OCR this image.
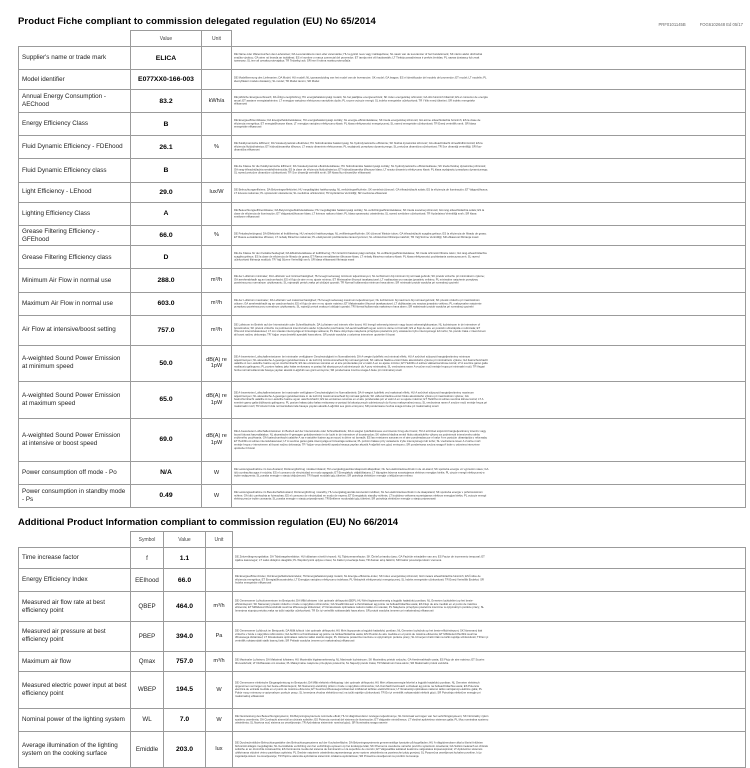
Product Fiche compliant to commission delegated regulation (EU) No 65/2014	PRF0101145B	FOG6102648 Ed 05/17
	Value	Unit	
Supplier's name or trade mark	ELICA		DE Name oder Warenzeichen des Lieferanten; DA Leverandørens navn eller varemærke; HU a gyártó neve vagy márkajelzése; NL naam van de leverancier of het handelsmerk; SK názov alebo obchodná značka výrobcu; GA ainm nó branda an tsoláthraí; ES el nombre o marca comercial del proveedor; ET tarnija nimi või kaubamärk; LT Tiekėjo pavadinimas ir prekės ženklas; PL nazwa dostawcy lub znak towarowy; SL ime ali oznaka proizvajalca; TR Tedarikçi adı; SR ime ili robna marka proizvođača

Model identifier	E077XX0-166-003		DE Modellkennung des Lieferanten; DA Model; HU modell; NL typeaanduiding van het model van de leverancier; SK model; GA leagan; ES el identificador del modelo del proveedor; ET mudel; LT modelis; PL identyfikator modelu dostawcy; SL model; TR Model tanımı; SR Model

Annual Energy Consumption - AEChood	83.2	kWh/a	DE jährliche Energieverbrauch; DA Årligt energiforbrug; HU energiahatékonysági mutató; NL het jaarlijkse energieverbruik; SK index energetickej účinnosti; GA ídiú fuinnimh bliantúil; ES el consumo de energía anual; ET aastane energiatarbimine; LT energijos vartojimo efektyvumo santykinis dydis; PL roczne zużycie energii; SL indeks energetske učinkovitosti; TR Yıllık enerji tüketimi; SR indeks energetske efikasnosti

Energy Efficiency Class	B		DE Energieeffizienzklasse; DA Energieffektivitetsklasse; HU energiahatékonysági osztály; NL energie-efficiëntieklasse; SK trieda energetickej účinnosti; GA aicme éifeachtúlachta fuinnimh; ES la clase de eficiencia energética; ET energiatõhususe klass; LT energijos vartojimo efektyvumo klasė; PL klasa efektywności energetycznej; SL razred energetske učinkovitosti; TR Enerji verimlilik sınıfı; SR klasa energetske efikasnosti

Fluid Dynamic Efficiency - FDEhood	26.1	%	DE fluiddynamische Effizienz; DA Væskedynamisk effektivitet; HU hidrodinamika hatékonyság; NL hydrodynamische efficiëntie; SK fluidná dynamická účinnosť; GA éifeachtúlacht shreabhdhinimiciúil; ES la eficiencia fluidodinámica; ET hüdrodünaamika tõhusus; LT srauto dinaminis efektyvumas; PL wydajność przepływu dynamicznego; SL pretočna dinamična učinkovitost; TR Sıvı dinamiği verimliliği; SR fluo-dinamička efikasnost

Fluid Dynamic Efficiency class	B		DE die Klasse für die fluiddynamische Effizienz; DA Væskedynamisk effektivitetsklasse; HU hidrodinamika hatékonysági osztály; NL hydrodynamische efficiëntieklasse; SK trieda fluidnej dynamickej účinnosti; GA rang-éifeachtúlachta sreabhdhinimiciúla; ES la clase de eficiencia fluidodinámica; ET hüdrodünaamika tõhususe klass; LT srauto dinaminio efektyvumo klasė; PL klasa wydajności przepływu dynamicznego; SL razred pretočne dinamične učinkovitosti; TR Sıvı dinamiği verimlilik sınıfı; SR klasa fluo-dinamičke efikasnosti

Light Efficiency - LEhood	29.0	lux/W	DE Beleuchtungseffizienz; DA Belysningseffektivitet; HU megvilágítási hatékonyság; NL verlichtingsefficiëntie; SK svetelná účinnosť; GA éifeachtúlacht solais; ES la eficiencia de iluminación; ET Valgustõhusus; LT šviesos našumas; PL sprawność oświetlenia; SL svetlobna učinkovitost; TR Aydınlatma Verimliliği; SR svetlosna efikasnost

Lighting Efficiency Class	A		DE Beleuchtungseffizienzklasse; DA Belysningseffektivitetsklasse; HU megvilágítási hatékonysági osztály; NL verlichtingsefficiëntieklasse; SK trieda svetelnej účinnosti; GA rang éifeachtúlachta solais; ES la clase de eficiencia de iluminación; ET Valgustustõhususe klass; LT šviesos našumo klasė; PL klasa sprawności oświetlenia; SL razred svetlobne učinkovitosti; TR Aydınlatma Verimliliği sınıfı; SR klasa svetlosne efikasnosti

Grease Filtering Efficiency - GFEhood	66.0	%	DE Fettabscheidegrad; DA Effektivitet af fedtfiltrering; HU zsírszűrő hatékonysága; NL vetfilteringsefficiëntie; SK účinnosť filtrácie tukov; GA éifeachtúlacht scagtha gréisce; ES la eficiencia de filtrado de grasa; ET Rasva eemaldamise tõhusus; LT riebalų filtravimo našumas; PL efektywność pochłaniania zanieczyszczeń; SL učinkovitost filtriranja maščob; TR Yağ Süzme Verimliliği; SR efikasnost filtriranja masti

Grease Filtering Efficiency class	D		DE die Klasse für den Fettabscheidegrad; DA Effektivitetsklasse af fedtfiltrering; HU zsírszűrő hatékonysági osztálya; NL vetfilteringsefficiëntieklasse; SK trieda účinnosti filtrácie tukov; GA rang-éifeachtúlachta scagtha gréisce; ES la clase de eficiencia de filtrado de grasa; ET Rasva eemaldamise tõhususe klass; LT riebalų filtravimo našumo klasė; PL klasa efektywności pochłaniania zanieczyszczeń; SL razred učinkovitosti filtriranja maščob; TR Yağ Süzme Verimliliği sınıfı; SR klasa efikasnosti filtriranja masti

Minimum Air Flow in normal use	288.0	m³/h	DE der Luftstrom minimaler; DA Luftstrøm ved minimal hastighed; HU levegő sebesség minimum teljesítményen; NL luchtstroom bij minimum bij normaal gebruik; SK prietok vzduchu pri minimálnom výkone; GA aershreabhadh ag an íoschumhacht; ES el flujo de aire en su ajuste mínimo; ET Minimaalne õhuvool tavakasutusel; LT mažiausias oro srautas įprastiniu veikimu; PL minimalne natężenie przepływu powietrza przy normalnym użytkowaniu; SL najmanjši pretok zraka pri običajni uporabi; TR Normal kullanımda minimum hava akımı; SR minimalni protok vazduha pri normalnoj upotrebi

Maximum Air Flow in normal use	603.0	m³/h	DE der Luftstrom maximaler; DA Luftstrøm ved maksimal hastighed; HU levegő sebesség maximum teljesítményen; NL luchtstroom bij maximum bij normaal gebruik; SK prietok vzduchu pri maximálnom výkone; GA aershreabhadh ag an uaschumhacht; ES el flujo de aire en su ajuste máximo; ET Maksimaalne õhuvool tavakasutusel; LT didžiausias oro srautas įprastiniu veikimu; PL maksymalne natężenie przepływu powietrza przy normalnym użytkowaniu; SL največji pretok zraka pri običajni uporabi; TR Normal kullanımda maksimum hava akımı; SR maksimalni protok vazduha pri normalnoj upotrebi

Air Flow at intensive/boost setting	757.0	m³/h	DE Luftstrom im Betrieb auf der Intensivstufe oder Schnelllaufstufe; DA Luftstrøm ved intensiv eller boost; HU levegő sebesség intenzív vagy boost sebességfokozaton; NL luchtstroom in de intensieve of boostmodus; SK prietok vzduchu za podmienok intenzívneho alebo zvýšeného používania; GA aershreabhadh ag an socrú is déine nó borradh; ES el flujo de aire en posición ultrarrápida o reforzada; ET Õhuvool intensiivkasutusel; LT oro srautas intensyviąja ar forsuotąja veiksena; PL Dane dotyczące natężenia przepływu powietrza przy ustawieniu trybu intensywnego lub turbo; SL pretok zraka v intenzivnem ali boost načinu delovanja; TR Yoğun veya destekli ayardaki hava akımı; SR protok vazduha u uslovima intenzivne upotrebe ili boost

A-weighted Sound Power Emission at minimum speed	50.0	dB(A) re 1pW	DE A-bewerteten Luftschallemissionen bei minimaler verfügbarer Geschwindigkeit im Normalbetrieb; DA A-vægtet lydeffekt ved minimal effekt; HU A szűrővel súlyozott hangteljesítmény minimum teljesítményen; NL akoestische A-gewogen geluidsemissie in de lucht bij minimumsnelheid bij normaal gebruik; SK vážená hladina emisií hluku akustického výkonu pri minimálnom výkone; GA fuaimchumhacht ualaithe A na n-astuithe fuaime ag an íoschumhacht; ES las emisiones sonoras en el aire ponderadas por el valor A en su ajuste mínimo; ET Helirõhu A suhtes väikseima kiiruse korral; LT A svertinė garso galia mažiausiu galingumu; PL poziom hałasu jako hałas emitowany w postaci fal akustycznych odniesionych do A przy minimalnej; SL vrednotena raven A zvočne moči emisije hrupa pri minimalni moči; TR Asgari hızda normal kullanımda havaya yayılan akustik A-ağırlıklı ses gücü emisyonu; SR ponderisana zvučna snaga A buke pri minimalnoj snazi

A-weighted Sound Power Emission at maximum speed	65.0	dB(A) re 1pW	DE A-bewerteten Luftschallemissionen bei maximaler verfügbarer Geschwindigkeit im Normalbetrieb; DA A-vægtet lydeffekt ved maksimal effekt; HU A szűrővel súlyozott hangteljesítmény maximum teljesítményen; NL akoestische A-gewogen geluidsemissie in de lucht bij maximumsnelheid bij normaal gebruik; SK vážená hladina emisií hluku akustického výkonu pri maximálnom výkone; GA fuaimchumhacht ualaithe A na n-astuithe fuaime ag an uaschumhacht; ES las emisiones sonoras en el aire ponderadas por el valor A en su ajuste máximo; ET Helirõivo A suhtes suurima kiiruse korral; LT A svertinė garso galia didžiausiu galingumu; PL poziom hałasu jako hałas emitowany w postaci fal akustycznych odniesionych do A przy maksymalnej mocy; SL vrednotena raven A zvočne moči emisije hrupa pri maksimalni moči; TR Azami hızda normal kullanımda havaya yayılan akustik A-ağırlıklı ses gücü emisyonu; SR ponderisana zvučna snaga A buke pri maksimalnoj snazi

A-weighted Sound Power Emission at intensive or boost speed	69.0	dB(A) re 1pW	DE A-bewerteten Luftschallemissionen im Betrieb auf der Intensivstufe oder Schnelllaufstufe; DA A-vægtet lydeffektniveau ved intensiv brug eller boost; HU A szűrővel súlyozott hangteljesítmény intenzív vagy boost fokozat használatakor; NL akoestische A-gewogen geluidsemissie in de lucht in de intensieve of boostmodus; SK vážená hladina emisií hluku akustického výkonu za podmienok intenzívneho alebo zvýšeného používania; GA fuaimchumhacht ualaithe A na n-astuithe fuaime ag an socrú is déine nó borradh; ES las emisiones sonoras en el aire ponderadas por el valor A en posición ultrarrápida o reforzada; ET Helirõhu A suhtes intensiivkasutusel; LT A svertinė garso galia intensyviąja ar forsuotąja veiksena; PL poziom hałasu przy ustawieniu trybu intensywnego lub turbo; SL vrednotena raven A zvočne moči emisije hrupa v intenzivnem ali boost načinu delovanja; TR Yoğun veya destekli ayarda havaya yayılan akustik A-ağırlıklı ses gücü emisyonu; SR ponderisana zvučna snaga A buke u uslovima intenzivne upotrebe ili boost

Power consumption off mode - Po	N/A	W	DE Leistungsaufnahme im Aus-Zustand; DA Energiforbrug i slukket tilstand; HU energiafogyasztás kikapcsolt állapotban; NL het elektriciteitsverbruik in de uit-stand; SK spotreba energie vo vypnutom stave; GA ídiú cumhachta agus é múchta; ES el consumo de electricidad en modo apagado; ET Energiakulu väljalülitatuna; LT išjungties būsena suvartojamos elektros energijos kiekis; PL użycie energii elektrycznej w trybie wyłączenia; SL poraba energije v stanju izključenosti; TR Kapalı moddaki güç tüketimi; SR potrošnja električne energije u isključenom režimu

Power consumption in standby mode - Ps	0.49	W	DE Leistungsaufnahme im Bereitschaftszustand; DA Energiforbrug i standby; HU energiafogyasztás készenléti módban; NL het elektriciteitsverbruik in de slaapstand; SK spotreba energie v pohotovostnom režime; GA ídiú cumhachta ar fuireachas; ES el consumo de electricidad en modo de espera; ET Energiakulu standby režiimis; LT budėjimo veiksena suvartojamos elektros energijos kiekis; PL zużycie energii elektrycznej w trybie czuwania; SL poraba energije v stanju pripravljenosti; TR Bekleme modundaki güç tüketimi; SR potrošnja električne energije u stanju pripravnosti
Additional Product Information compliant to commission regulation (EU) No 66/2014
	Symbol	Value	Unit	
Time increase factor	f	1.1		DE Zeitverlängerungsfaktor; DA Tidsforøgelsesfaktor; HU időtartam növelő tényező; NL Tijdstoenamefactor; SK Činiteľ prírastku času; GA Fachtóir méadaithe san am; ES Factor de incremento temporal; ET Ajaline kasvutegur; LT Laiko didėjimo daugiklis; PL Współczynnik upływu czasu; SL Faktor povečanja časa; TR Zaman artış faktörü; SR Faktor povećanja tokom vremena

Energy Efficiency Index	EEIhood	66.0		DE Energieeffizienzindex; DA Energieffektivitetsindeks; HU Energiahatékonysági mutató; NL Energie-efficiëntie-index; SK Index energetickej účinnosti; GA Innéacs éifeachtúlachta fuinnimh; ES Índice de eficiencia energética; ET Energiatõhususindeks; LT Energijos vartojimo efektyvumo indeksas; PL Wskaźnik efektywności energetycznej; SL Indeks energetske učinkovitosti; TR Enerji Verimlilik Endeksi; SR Indeks energetske efikasnosti

Measured air flow rate at best efficiency point	QBEP	464.0	m³/h	DE Gemessener Luftvolumenstrom im Bestpunkt; DA Målt luftstrøm i det optimale driftspunkt (BEP); HU Mért légáramsebesség a legjobb hatásfokú pontban; NL Gemeten luchtdebiet op het beste-efficiëntiepunt; SK Nameraný prietok vzduchu v bode s najvyššou účinnosťou; GA Sreabhrótá aeir a thomhaistear ag pointe na héifeachtúlachta uasta; ES Flujo de aire medido en el punto de máxima eficiencia; ET Mõõdetud õhuvooluhulk suurima tõhususega töötamisel; LT Išmatuotasis optimalaus našumo taško oro srautas; PL Natężenie przepływu powietrza mierzone w optymalnym punkcie pracy; SL Izmerjena stopnja pretoka zraka na točki najvišje učinkovitosti; TR En iyi verimlilik noktasındaki hava akımı; SR protok vazduha izmeren pri maksimalnoj efikasnosti

Measured air pressure at best efficiency point	PBEP	394.0	Pa	DE Gemessener Luftdruck im Bestpunkt; DA Målt lufttryk i det optimale driftspunkt; HU Mért légnyomás a legjobb hatásfokú pontban; NL Gemeten luchtdruk op het beste-efficiëntiepunt; SK Nameraný tlak vzduchu v bode s najvyššou účinnosťou; GA Aerbhrú a thomhaistear ag pointe na héifeachtúlachta uasta; ES Presión de aire medida en el punto de máxima eficiencia; ET Mõõdetud õhurõhk suurima tõhususega töötamisel; LT Išmatuotasis optimalaus našumo taško statinis slėgis; PL Ciśnienie powietrza mierzone w optymalnym punkcie pracy; SL Izmerjeni zračni tlak na točki najvišje učinkovitosti; TR En iyi verimlilik noktasındaki statik basınç farkı; SR Pritisak vazduha izmeren pri maksimalnoj efikasnosti

Maximum air flow	Qmax	757.0	m³/h	DE Maximaler Luftstrom; DA Maksimal luftstrøm; HU Maximális légáramsebesség; NL Maximale luchtstroom; SK Maximálny prietok vzduchu; GA Aershreabhadh uasta; ES Flujo de aire máximo; ET Suurim õhuvooluhulk; LT Didžiausias oro srautas; PL Maksymalne natężenie przepływu powietrza; SL Največji pretok zraka; TR Maksimum hava akımı; SR Maksimalni protok vazduha

Measured electric power input at best efficiency point	WBEP	194.5	W	DE Gemessene elektrische Eingangsleistung im Bestpunkt; DA Målt elektrisk effektoptag i det optimale driftspunkt; HU Mért villamosenergia-felvétel a legjobb hatásfokú pontban; NL Gemeten elektrisch opgenomen vermogen op het beste-efficiëntiepunt; SK Nameraný elektrický príkon v bode s najvyššou účinnosťou; GA Cumhacht leictreach a chaitear ag pointe na héifeachtúlachta uasta; ES Potencia eléctrica de entrada medida en el punto de máxima eficiencia; ET Suurima tõhususega töötamisel mõõdetud tarbitav elektrivõimsus; LT Išmatuotoji optimalaus našumo taško vartojamoji elektrinė galia; PL Pobór mocy mierzony w optymalnym punkcie pracy; SL Izmerjena vhodna električna moč na točki najvišje učinkovitosti; TR En iyi verimlilik noktasındaki elektrik gücü; SR Potrošnja električne energije pri maksimalnoj efikasnosti

Nominal power of the lighting system	WL	7.0	W	DE Nennleistung des Beleuchtungssystems; DA Belysningssystemets nominelle effekt; HU A világítórendszer névleges teljesítménye; NL Nominaal vermogen van het verlichtingssysteem; SK Nominálny výkon systému osvetlenia; GA Cumhacht ainmniúil an chórais soilsithe; ES Potencia nominal del sistema de iluminación; ET Valgustite nimivõimsus; LT Vardinė apšvietimo sistemos galia; PL Moc nominalna systemu oświetlenia; SL Nazivna moč sistema za osvetljevanje; TR Aydınlatma sisteminin nominal gücü; SR Nominalna snaga rasvete

Average illumination of the lighting system on the cooking surface	Emiddle	203.0	lux	DE Durchschnittliche Beleuchtungsstärke des Beleuchtungssystems auf der Kochoberfläche; DA Belysningssystemets gennemsnitlige lysstyrke på kogefladen; HU A világítórendszer által a főzési felületen biztosított átlagos megvilágítás; NL Gemiddelde verlichting van het verlichtings-systeem op het kookoppervlak; SK Priemerné osvetlenie varného povrchu systémom osvetlenia; GA Soilsiú meánach an chórais soilsithe ar an dromchla cócaireachta; ES Iluminancia media del sistema de iluminación en la superficie de cocción; ET Valgusallika tekitatud keskmine valgustatus küpsetuspinnal; LT Apšvietimo sistemos užtikrinama vidutinė virimo paviršiaus apšvieta; PL Średnie natężenie oświetlenia zapewnianego przez system oświetlenia na powierzchni płyty grzejnej; SL Povprečna osvetljenost kuhalne površine, ki jo zagotavlja sistem za osvetljevanje; TR Pişirme alanında aydınlatma sisteminin ortalama aydınlatması; SR Prosečna osvetljenost na površini za kuvanje
